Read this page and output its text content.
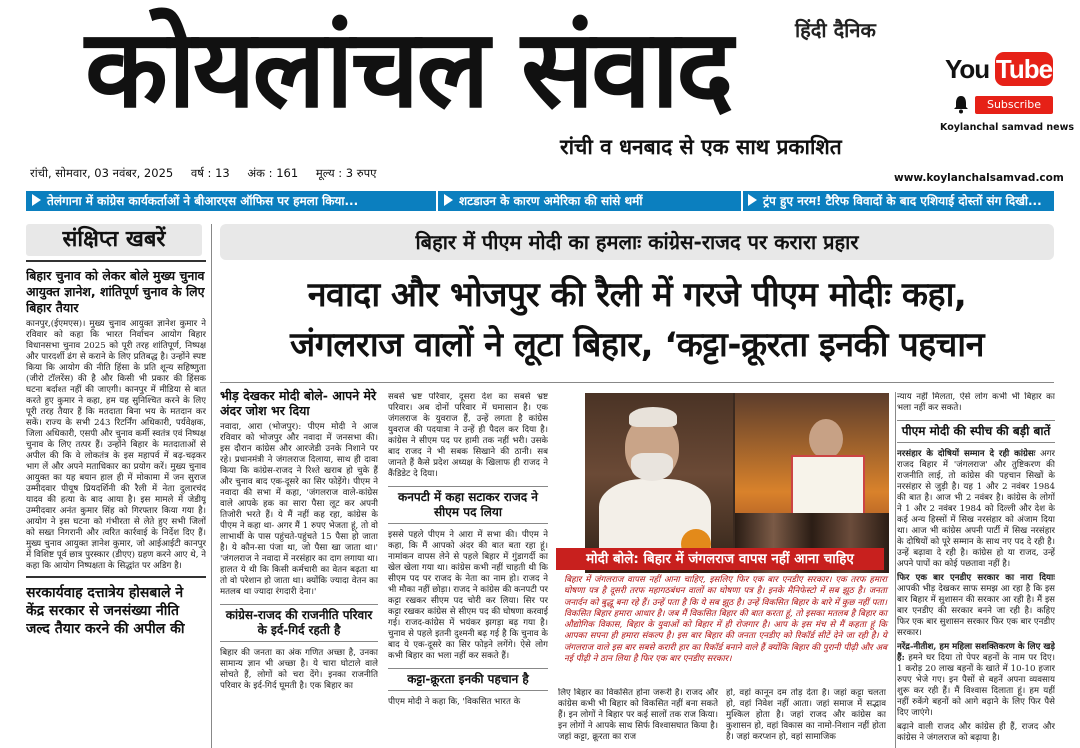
हिंदी दैनिक
कोयलांचल संवाद
रांची व धनबाद से एक साथ प्रकाशित
You Tube
Subscribe
Koylanchal samvad news
रांची, सोमवार, 03 नवंबर, 2025 वर्ष : 13 अंक : 161 मूल्य : 3 रुपए	www.koylanchalsamvad.com
तेलंगाना में कांग्रेस कार्यकर्ताओं ने बीआरएस ऑफिस पर हमला किया...	शटडाउन के कारण अमेरिका की सांसे थमीं	ट्रंप हुए नरम! टैरिफ विवादों के बाद एशियाई दोस्तों संग दिखी...
संक्षिप्त खबरें
बिहार चुनाव को लेकर बोले मुख्य चुनाव आयुक्त ज्ञानेश, शांतिपूर्ण चुनाव के लिए बिहार तैयार

कानपुर,(ईएमएस)। मुख्य चुनाव आयुक्त ज्ञानेश कुमार ने रविवार को कहा कि भारत निर्वाचन आयोग बिहार विधानसभा चुनाव 2025 को पूरी तरह शांतिपूर्ण, निष्पक्ष और पारदर्शी ढंग से कराने के लिए प्रतिबद्ध है। उन्होंने स्पष्ट किया कि आयोग की नीति हिंसा के प्रति शून्य सहिष्णुता (जीरो टॉलरेंस) की है और किसी भी प्रकार की हिंसक घटना बर्दाश्त नहीं की जाएगी। कानपुर में मीडिया से बात करते हुए कुमार ने कहा, हम यह सुनिश्चित करने के लिए पूरी तरह तैयार हैं कि मतदाता बिना भय के मतदान कर सकें। राज्य के सभी 243 रिटर्निंग अधिकारी, पर्यवेक्षक, जिला अधिकारी, एसपी और चुनाव कर्मी स्वतंत्र एवं निष्पक्ष चुनाव के लिए तत्पर हैं। उन्होंने बिहार के मतदाताओं से अपील की कि वे लोकतंत्र के इस महापर्व में बढ़-चढ़कर भाग लें और अपने मताधिकार का प्रयोग करें। मुख्य चुनाव आयुक्त का यह बयान हाल ही में मोकामा में जन सुराज उम्मीदवार पीयूष प्रियदर्शिनी की रैली में नेता दुलारचंद यादव की हत्या के बाद आया है। इस मामले में जेडीयू उम्मीदवार अनंत कुमार सिंह को गिरफ्तार किया गया है। आयोग ने इस घटना को गंभीरता से लेते हुए सभी जिलों को सख्त निगरानी और त्वरित कार्रवाई के निर्देश दिए हैं। मुख्य चुनाव आयुक्त ज्ञानेश कुमार, जो आईआईटी कानपुर में विशिष्ट पूर्व छात्र पुरस्कार (डीएए) ग्रहण करने आए थे, ने कहा कि आयोग निष्पक्षता के सिद्धांत पर अडिग है।

सरकार्यवाह दत्तात्रेय होसबाले ने केंद्र सरकार से जनसंख्या नीति जल्द तैयार करने की अपील की
बिहार में पीएम मोदी का हमलाः कांग्रेस-राजद पर करारा प्रहार
नवादा और भोजपुर की रैली में गरजे पीएम मोदीः कहा,
जंगलराज वालों ने लूटा बिहार, ‘कट्टा-क्रूरता इनकी पहचान
भीड़ देखकर मोदी बोले- आपने मेरे अंदर जोश भर दिया

नवादा, आरा (भोजपुर): पीएम मोदी ने आज रविवार को भोजपुर और नवादा में जनसभा की। इस दौरान कांग्रेस और आरजेडी उनके निशाने पर रहे। प्रधानमंत्री ने जंगलराज दिलाया, साथ ही दावा किया कि कांग्रेस-राजद ने रिश्ते खराब हो चुके हैं और चुनाव बाद एक-दूसरे का सिर फोड़ेंगे। पीएम ने नवादा की सभा में कहा, 'जंगलराज वाले-कांग्रेस वाले आपके हक का सारा पैसा लूट कर अपनी तिजोरी भरते हैं। ये मैं नहीं कह रहा, कांग्रेस के पीएम ने कहा था- अगर मैं 1 रुपए भेजता हूं, तो वो लाभार्थी के पास पहुंचते-पहुंचते 15 पैसा हो जाता है। ये कौन-सा पंजा था, जो पैसा खा जाता था।' 'जंगलराज ने नवादा में नरसंहार का दाग लगाया था। हालत ये थी कि किसी कर्मचारी का वेतन बढ़ता था तो वो परेशान हो जाता था। क्योंकि ज्यादा वेतन का मतलब था ज्यादा रंगदारी देना।'

कांग्रेस-राजद की राजनीति परिवार के इर्द-गिर्द रहती है

बिहार की जनता का अंक गणित अच्छा है, उनका सामान्य ज्ञान भी अच्छा है। ये चारा घोटाले वाले सोचते हैं, लोगों को चरा देंगे। इनका राजनीति परिवार के इर्द-गिर्द घूमती है। एक बिहार का

सबसे भ्रष्ट परिवार, दूसरा देश का सबसे भ्रष्ट परिवार। अब दोनों परिवार में घमासान है। एक जंगलराज के युवराज हैं, उन्हें लगता है कांग्रेस युवराज की पदयात्रा ने उन्हें ही पैदल कर दिया है। कांग्रेस ने सीएम पद पर हामी तक नहीं भरी। उसके बाद राजद ने भी सबक सिखाने की ठानी। सब जानते हैं कैसे प्रदेश अध्यक्ष के खिलाफ ही राजद ने कैंडिडेट दे दिया।

कनपटी में कहा सटाकर राजद ने सीएम पद लिया

इससे पहले पीएम ने आरा में सभा की। पीएम ने कहा, कि मैं आपको अंदर की बात बता रहा हूं। नामांकन वापस लेने से पहले बिहार में गुंडागर्दी का खेल खेला गया था। कांग्रेस कभी नहीं चाहती थी कि सीएम पद पर राजद के नेता का नाम हो। राजद ने भी मौका नहीं छोड़ा। राजद ने कांग्रेस की कनपटी पर कट्टा रखकर सीएम पद चोरी कर लिया। सिर पर कट्टा रखकर कांग्रेस से सीएम पद की घोषणा करवाई गई। राजद-कांग्रेस में भयंकर झगड़ा बढ़ गया है। चुनाव से पहले इतनी दुश्मनी बढ़ गई है कि चुनाव के बाद ये एक-दूसरे का सिर फोड़ने लगेंगे। ऐसे लोग कभी बिहार का भला नहीं कर सकते हैं।

कट्टा-क्रूरता इनकी पहचान है

पीएम मोदी ने कहा कि, 'विकसित भारत के

मोदी बोले: बिहार में जंगलराज वापस नहीं आना चाहिए
बिहार में जंगलराज वापस नहीं आना चाहिए, इसलिए फिर एक बार एनडीए सरकार। एक तरफ हमारा घोषणा पत्र है दूसरी तरफ महागठबंधन वालों का घोषणा पत्र है। इनके मैनिफेस्टो में सब झूठ है। जनता जनार्दन को बुद्धू बना रहे हैं। उन्हें पता है कि ये सब झूठ है। उन्हें विकसित बिहार के बारे में कुछ नहीं पता। विकसित बिहार हमारा आधार है। जब मैं विकसित बिहार की बात करता हूं, तो इसका मतलब है बिहार का औद्योगिक विकास, बिहार के युवाओं को बिहार में ही रोजगार है। आप के इस मंच से मैं कहता हूं कि आपका सपना ही हमारा संकल्प है। इस बार बिहार की जनता एनडीए को रिकॉर्ड सीटें देने जा रही है। ये जंगलराज वाले इस बार सबसे करारी हार का रिकॉर्ड बनाने वाले हैं क्योंकि बिहार की पुरानी पीढ़ी और अब नई पीढ़ी ने ठान लिया है फिर एक बार एनडीए सरकार।

लिए बिहार का विकसित होना जरूरी है। राजद और कांग्रेस कभी भी बिहार को विकसित नहीं बना सकते हैं। इन लोगों ने बिहार पर कई सालों तक राज किया। इन लोगों ने आपके साथ सिर्फ विश्वासघात किया है। जहां कट्टा, क्रूरता का राज

हो, वहां कानून दम तोड़ देता है। जहां कट्टा चलता हो, वहां निवेश नहीं आता। जहां समाज में सद्भाव मुश्किल होता है। जहां राजद और कांग्रेस का कुशासन हो, वहां विकास का नामो-निशान नहीं होता है। जहां करप्शन हो, वहां सामाजिक

न्याय नहीं मिलता, ऐसे लोग कभी भी बिहार का भला नहीं कर सकते।

पीएम मोदी की स्पीच की बड़ी बातें

नरसंहार के दोषियों सम्मान दे रही कांग्रेसः अगर राजद बिहार में 'जंगलराज' और तुष्टिकरण की राजनीति लाई, तो कांग्रेस की पहचान सिखों के नरसंहार से जुड़ी है। यह 1 और 2 नवंबर 1984 की बात है। आज भी 2 नवंबर है। कांग्रेस के लोगों ने 1 और 2 नवंबर 1984 को दिल्ली और देश के कई अन्य हिस्सों में सिख नरसंहार को अंजाम दिया था। आज भी कांग्रेस अपनी पार्टी में सिख नरसंहार के दोषियों को पूरे सम्मान के साथ नए पद दे रही है। उन्हें बढ़ावा दे रही है। कांग्रेस हो या राजद, उन्हें अपने पापों का कोई पछतावा नहीं है।

फिर एक बार एनडीए सरकार का नारा दियाः आपकी भीड़ देखकर साफ समझ आ रहा है कि इस बार बिहार में सुशासन की सरकार आ रही है। मैं इस बार एनडीए की सरकार बनने जा रही है। कहिए फिर एक बार सुशासन सरकार फिर एक बार एनडीए सरकार।

नरेंद्र-नीतीश, हम महिला सशक्तिकरण के लिए खड़े हैं: हमने घर दिया तो पेपर बहनों के नाम पर दिए। 1 करोड़ 20 लाख बहनों के खाते में 10-10 हजार रुपए भेजे गए। इन पैसों से बहनें अपना व्यवसाय शुरू कर रही हैं। मैं विश्वास दिलाता हूं। हम यहीं नहीं रुकेंगे बहनों को आगे बढ़ाने के लिए फिर पैसे दिए जाएंगे।

बढ़ाने वाली राजद और कांग्रेस ही हैं, राजद और कांग्रेस ने जंगलराज को बढ़ाया है।
